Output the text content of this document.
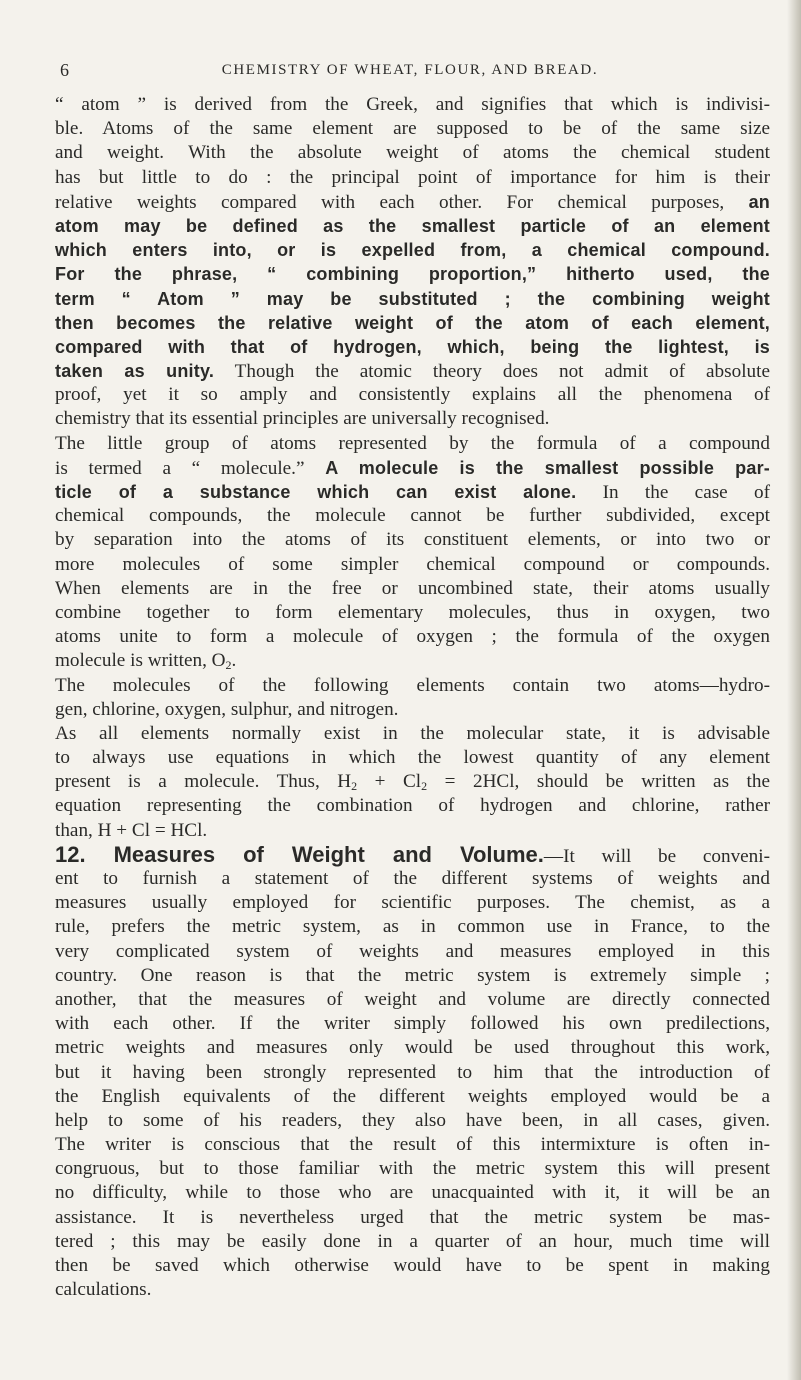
6	CHEMISTRY OF WHEAT, FLOUR, AND BREAD.
“ atom ” is derived from the Greek, and signifies that which is indivisi-
ble. Atoms of the same element are supposed to be of the same size
and weight. With the absolute weight of atoms the chemical student
has but little to do : the principal point of importance for him is their
relative weights compared with each other. For chemical purposes, an
atom may be defined as the smallest particle of an element
which enters into, or is expelled from, a chemical compound.
For the phrase, “ combining proportion,” hitherto used, the
term “ Atom ” may be substituted ; the combining weight
then becomes the relative weight of the atom of each element,
compared with that of hydrogen, which, being the lightest, is
taken as unity. Though the atomic theory does not admit of absolute
proof, yet it so amply and consistently explains all the phenomena of
chemistry that its essential principles are universally recognised.
The little group of atoms represented by the formula of a compound
is termed a “ molecule.” A molecule is the smallest possible par-
ticle of a substance which can exist alone. In the case of
chemical compounds, the molecule cannot be further subdivided, except
by separation into the atoms of its constituent elements, or into two or
more molecules of some simpler chemical compound or compounds.
When elements are in the free or uncombined state, their atoms usually
combine together to form elementary molecules, thus in oxygen, two
atoms unite to form a molecule of oxygen ; the formula of the oxygen
molecule is written, $O_2$.
The molecules of the following elements contain two atoms—hydro-
gen, chlorine, oxygen, sulphur, and nitrogen.
As all elements normally exist in the molecular state, it is advisable
to always use equations in which the lowest quantity of any element
present is a molecule. Thus, $H_2 + Cl_2 = 2HCl$, should be written as the
equation representing the combination of hydrogen and chlorine, rather
than, H + Cl = HCl.
12. Measures of Weight and Volume.—It will be conveni-
ent to furnish a statement of the different systems of weights and
measures usually employed for scientific purposes. The chemist, as a
rule, prefers the metric system, as in common use in France, to the
very complicated system of weights and measures employed in this
country. One reason is that the metric system is extremely simple ;
another, that the measures of weight and volume are directly connected
with each other. If the writer simply followed his own predilections,
metric weights and measures only would be used throughout this work,
but it having been strongly represented to him that the introduction of
the English equivalents of the different weights employed would be a
help to some of his readers, they also have been, in all cases, given.
The writer is conscious that the result of this intermixture is often in-
congruous, but to those familiar with the metric system this will present
no difficulty, while to those who are unacquainted with it, it will be an
assistance. It is nevertheless urged that the metric system be mas-
tered ; this may be easily done in a quarter of an hour, much time will
then be saved which otherwise would have to be spent in making
calculations.
